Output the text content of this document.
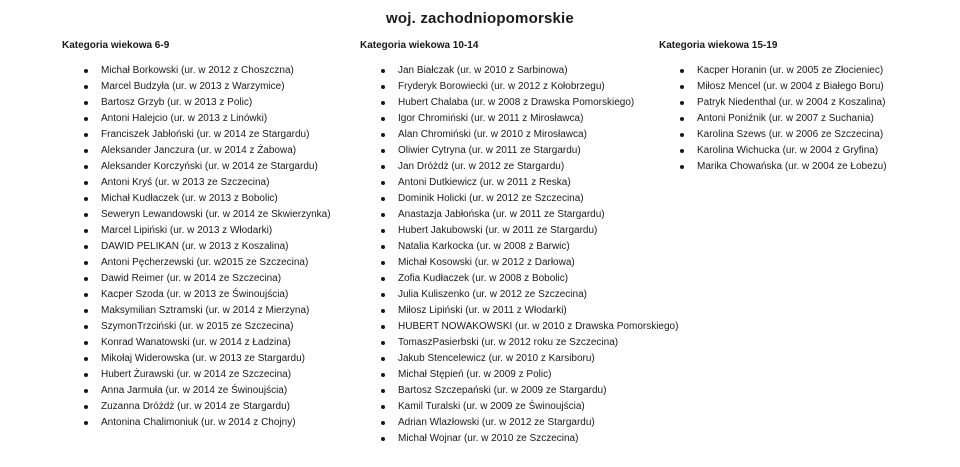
woj. zachodniopomorskie
Kategoria wiekowa 6-9
Michał Borkowski (ur. w 2012 z Choszczna)
Marcel Budzyła (ur. w 2013 z Warzymice)
Bartosz Grzyb (ur. w 2013 z Polic)
Antoni Halejcio (ur. w 2013 z Linówki)
Franciszek Jabłoński (ur. w 2014 ze Stargardu)
Aleksander Janczura (ur. w 2014 z Żabowa)
Aleksander Korczyński (ur. w 2014 ze Stargardu)
Antoni Kryś (ur. w 2013 ze Szczecina)
Michał Kudłaczek (ur. w 2013 z Bobolic)
Seweryn Lewandowski (ur. w 2014 ze Skwierzynka)
Marcel Lipiński (ur. w 2013 z Włodarki)
DAWID PELIKAN (ur. w 2013 z Koszalina)
Antoni Pęcherzewski (ur. w2015 ze Szczecina)
Dawid Reimer (ur. w 2014 ze Szczecina)
Kacper Szoda (ur. w 2013 ze Świnoujścia)
Maksymilian Sztramski (ur. w 2014 z Mierzyna)
SzymonTrzciński (ur. w 2015 ze Szczecina)
Konrad Wanatowski (ur. w 2014 z Ładzina)
Mikołaj Widerowska (ur. w 2013 ze Stargardu)
Hubert Żurawski (ur. w 2014 ze Szczecina)
Anna Jarmuła (ur. w 2014 ze Świnoujścia)
Zuzanna Dróżdż (ur. w 2014 ze Stargardu)
Antonina Chalimoniuk (ur. w 2014 z Chojny)
Kategoria wiekowa 10-14
Jan Białczak (ur. w 2010 z Sarbinowa)
Fryderyk Borowiecki (ur. w 2012 z Kołobrzegu)
Hubert Chalaba (ur. w 2008 z Drawska Pomorskiego)
Igor Chromiński (ur. w 2011 z Mirosławca)
Alan Chromiński (ur. w 2010 z Mirosławca)
Oliwier Cytryna (ur. w 2011 ze Stargardu)
Jan Dróżdż (ur. w 2012 ze Stargardu)
Antoni Dutkiewicz (ur. w 2011 z Reska)
Dominik Holicki (ur. w 2012 ze Szczecina)
Anastazja Jabłońska (ur. w 2011 ze Stargardu)
Hubert Jakubowski (ur. w 2011 ze Stargardu)
Natalia Karkocka (ur. w 2008 z Barwic)
Michał Kosowski (ur. w 2012 z Darłowa)
Zofia Kudłaczek (ur. w 2008 z Bobolic)
Julia Kuliszenko (ur. w 2012 ze Szczecina)
Miłosz Lipiński (ur. w 2011 z Włodarki)
HUBERT NOWAKOWSKI (ur. w 2010 z Drawska Pomorskiego)
TomaszPasierbski (ur. w 2012 roku ze Szczecina)
Jakub Stencelewicz (ur. w 2010 z Karsiboru)
Michał Stępień (ur. w 2009 z Polic)
Bartosz Szczepański (ur. w 2009 ze Stargardu)
Kamil Turalski (ur. w 2009 ze Świnoujścia)
Adrian Wlazłowski (ur. w 2012 ze Stargardu)
Michał Wojnar (ur. w 2010 ze Szczecina)
Kategoria wiekowa 15-19
Kacper Horanin (ur. w 2005 ze Złocieniec)
Miłosz Mencel (ur. w 2004 z Białego Boru)
Patryk Niedenthal (ur. w 2004 z Koszalina)
Antoni Poniźnik (ur. w 2007 z Suchania)
Karolina Szews (ur. w 2006 ze Szczecina)
Karolina Wichucka (ur. w 2004 z Gryfina)
Marika Chowańska (ur. w 2004 ze Łobezu)
